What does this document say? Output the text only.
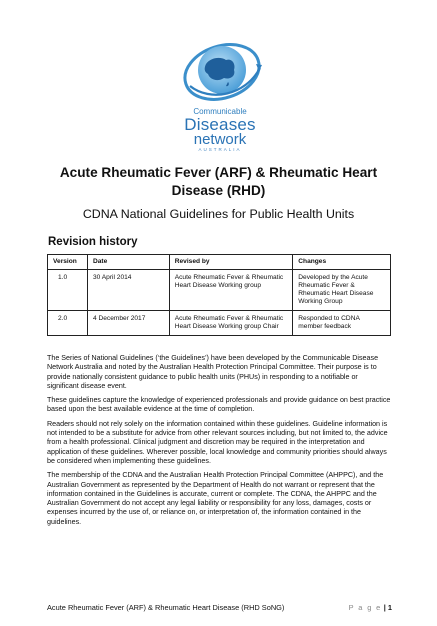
Communicable
Diseases
network
AUSTRALIA
Acute Rheumatic Fever (ARF) & Rheumatic Heart Disease (RHD)
CDNA National Guidelines for Public Health Units
Revision history
Version	Date	Revised by	Changes
1.0	30 April 2014	Acute Rheumatic Fever & Rheumatic Heart Disease Working group	Developed by the Acute Rheumatic Fever & Rheumatic Heart Disease Working Group
2.0	4 December 2017	Acute Rheumatic Fever & Rheumatic Heart Disease Working group Chair	Responded to CDNA member feedback

The Series of National Guidelines (‘the Guidelines’) have been developed by the Communicable Disease Network Australia and noted by the Australian Health Protection Principal Committee. Their purpose is to provide nationally consistent guidance to public health units (PHUs) in responding to a notifiable or significant disease event.

These guidelines capture the knowledge of experienced professionals and provide guidance on best practice based upon the best available evidence at the time of completion.

Readers should not rely solely on the information contained within these guidelines. Guideline information is not intended to be a substitute for advice from other relevant sources including, but not limited to, the advice from a health professional. Clinical judgment and discretion may be required in the interpretation and application of these guidelines. Wherever possible, local knowledge and community priorities should always be considered when implementing these guidelines.

The membership of the CDNA and the Australian Health Protection Principal Committee (AHPPC), and the Australian Government as represented by the Department of Health do not warrant or represent that the information contained in the Guidelines is accurate, current or complete. The CDNA, the AHPPC and the Australian Government do not accept any legal liability or responsibility for any loss, damages, costs or expenses incurred by the use of, or reliance on, or interpretation of, the information contained in the guidelines.

Acute Rheumatic Fever (ARF) & Rheumatic Heart Disease (RHD SoNG)	P a g e | 1
